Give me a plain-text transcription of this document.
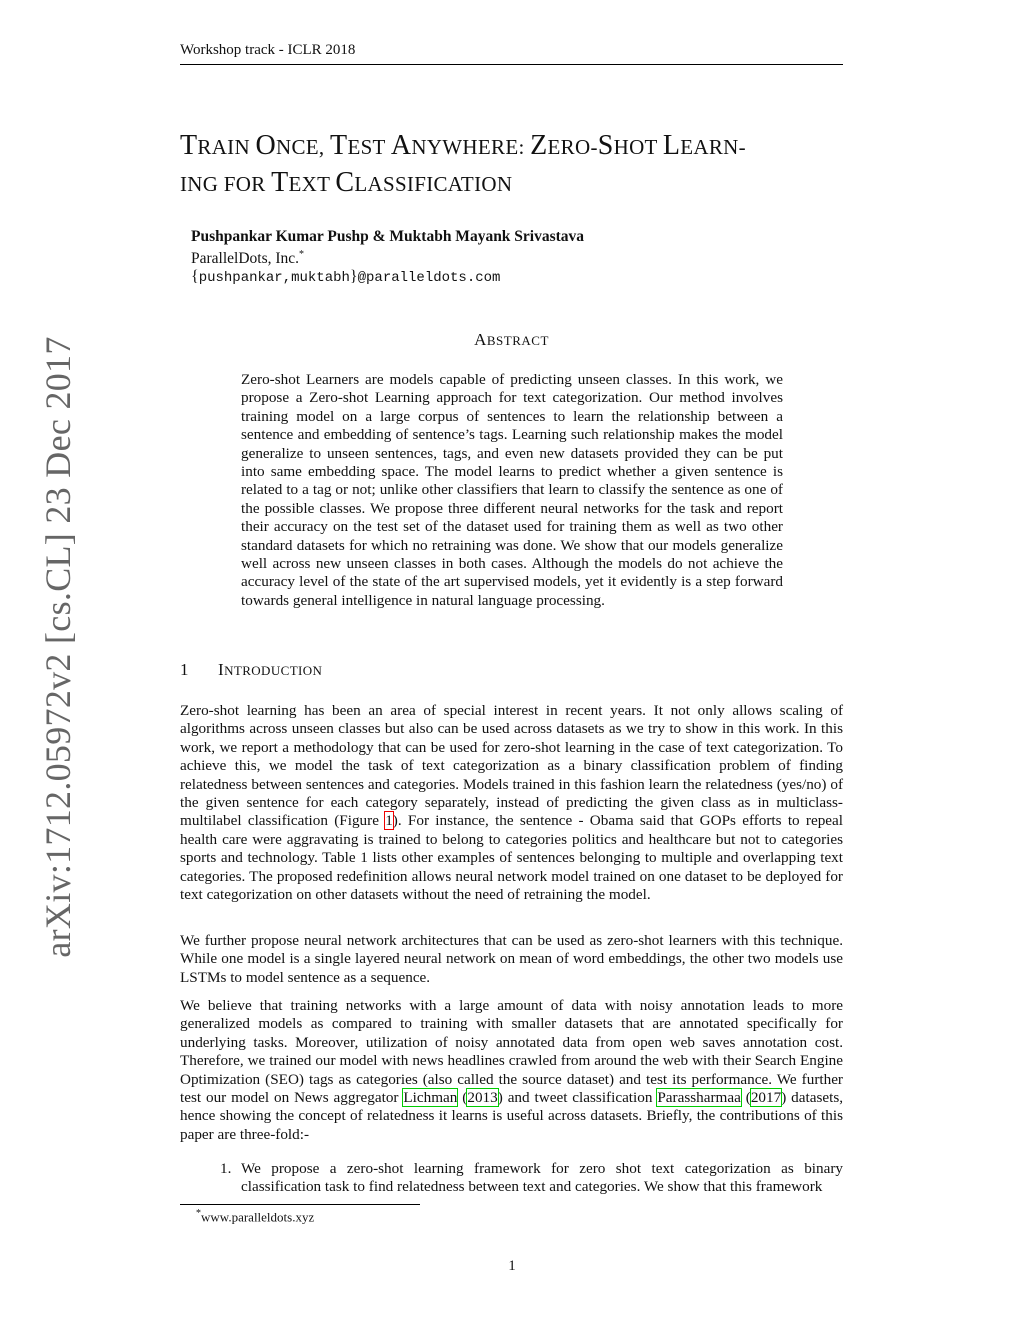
Workshop track - ICLR 2018
arXiv:1712.05972v2 [cs.CL] 23 Dec 2017
TRAIN ONCE, TEST ANYWHERE: ZERO-SHOT LEARN-
ING FOR TEXT CLASSIFICATION
Pushpankar Kumar Pushp & Muktabh Mayank Srivastava
ParallelDots, Inc.*
{pushpankar,muktabh}@paralleldots.com
ABSTRACT

Zero-shot Learners are models capable of predicting unseen classes. In this work, we propose a Zero-shot Learning approach for text categorization. Our method involves training model on a large corpus of sentences to learn the relationship between a sentence and embedding of sentence’s tags. Learning such relationship makes the model generalize to unseen sentences, tags, and even new datasets provided they can be put into same embedding space. The model learns to predict whether a given sentence is related to a tag or not; unlike other classifiers that learn to classify the sentence as one of the possible classes. We propose three different neural networks for the task and report their accuracy on the test set of the dataset used for training them as well as two other standard datasets for which no retraining was done. We show that our models generalize well across new unseen classes in both cases. Although the models do not achieve the accuracy level of the state of the art supervised models, yet it evidently is a step forward towards general intelligence in natural language processing.

1 INTRODUCTION

Zero-shot learning has been an area of special interest in recent years. It not only allows scaling of algorithms across unseen classes but also can be used across datasets as we try to show in this work. In this work, we report a methodology that can be used for zero-shot learning in the case of text categorization. To achieve this, we model the task of text categorization as a binary classification problem of finding relatedness between sentences and categories. Models trained in this fashion learn the relatedness (yes/no) of the given sentence for each category separately, instead of predicting the given class as in multiclass-multilabel classification (Figure 1). For instance, the sentence - Obama said that GOPs efforts to repeal health care were aggravating is trained to belong to categories politics and healthcare but not to categories sports and technology. Table 1 lists other examples of sentences belonging to multiple and overlapping text categories. The proposed redefinition allows neural network model trained on one dataset to be deployed for text categorization on other datasets without the need of retraining the model.

We further propose neural network architectures that can be used as zero-shot learners with this technique. While one model is a single layered neural network on mean of word embeddings, the other two models use LSTMs to model sentence as a sequence.

We believe that training networks with a large amount of data with noisy annotation leads to more generalized models as compared to training with smaller datasets that are annotated specifically for underlying tasks. Moreover, utilization of noisy annotated data from open web saves annotation cost. Therefore, we trained our model with news headlines crawled from around the web with their Search Engine Optimization (SEO) tags as categories (also called the source dataset) and test its performance. We further test our model on News aggregator Lichman (2013) and tweet classification Parassharmaa (2017) datasets, hence showing the concept of relatedness it learns is useful across datasets. Briefly, the contributions of this paper are three-fold:-

1. We propose a zero-shot learning framework for zero shot text categorization as binary classification task to find relatedness between text and categories. We show that this framework
*www.paralleldots.xyz
1
